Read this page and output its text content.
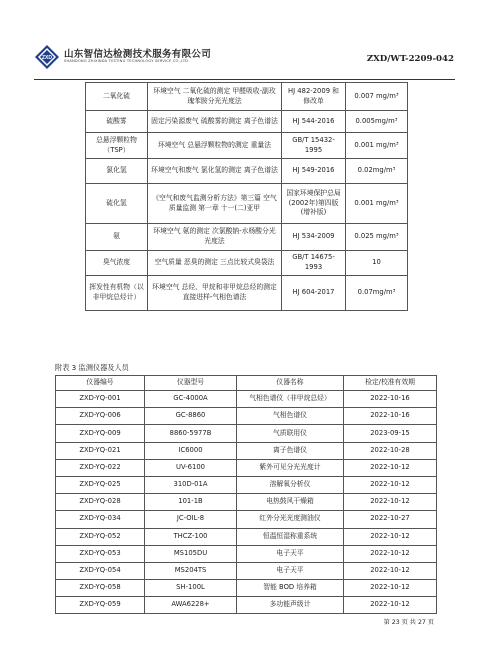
ZXD 山东智信达检测技术服务有限公司
SHANDONG ZHIXINDA TESTING TECHNOLOGY SERVICE CO.,LTD	ZXD/WT-2209-042
二氧化硫	环境空气 二氧化硫的测定 甲醛吸收-副玫瑰苯胺分光光度法	HJ 482-2009 和修改单	0.007 mg/m³
硫酸雾	固定污染源废气 硫酸雾的测定 离子色谱法	HJ 544-2016	0.005mg/m³
总悬浮颗粒物（TSP）	环境空气 总悬浮颗粒物的测定 重量法	GB/T 15432-1995	0.001 mg/m³
氯化氢	环境空气和废气 氯化氢的测定 离子色谱法	HJ 549-2016	0.02mg/m³
硫化氢	《空气和废气监测分析方法》第三篇 空气质量监测 第一章 十一(二)亚甲	国家环境保护总局(2002年)第四版(增补版)	0.001 mg/m³
氨	环境空气 氨的测定 次氯酸钠-水杨酸分光光度法	HJ 534-2009	0.025 mg/m³
臭气浓度	空气质量 恶臭的测定 三点比较式臭袋法	GB/T 14675-1993	10
挥发性有机物（以非甲烷总烃计）	环境空气 总烃、甲烷和非甲烷总烃的测定 直接进样-气相色谱法	HJ 604-2017	0.07mg/m³
附表 3 监测仪器及人员
仪器编号	仪器型号	仪器名称	检定/校准有效期
ZXD-YQ-001	GC-4000A	气相色谱仪（非甲烷总烃）	2022-10-16
ZXD-YQ-006	GC-8860	气相色谱仪	2022-10-16
ZXD-YQ-009	8860-5977B	气质联用仪	2023-09-15
ZXD-YQ-021	IC6000	离子色谱仪	2022-10-28
ZXD-YQ-022	UV-6100	紫外可见分光光度计	2022-10-12
ZXD-YQ-025	310D-01A	溶解氧分析仪	2022-10-12
ZXD-YQ-028	101-1B	电热鼓风干燥箱	2022-10-12
ZXD-YQ-034	JC-OIL-8	红外分光光度测油仪	2022-10-27
ZXD-YQ-052	THCZ-100	恒温恒湿称重系统	2022-10-12
ZXD-YQ-053	MS105DU	电子天平	2022-10-12
ZXD-YQ-054	MS204TS	电子天平	2022-10-12
ZXD-YQ-058	SH-100L	智能 BOD 培养箱	2022-10-12
ZXD-YQ-059	AWA6228+	多功能声级计	2022-10-12
第 23 页 共 27 页
